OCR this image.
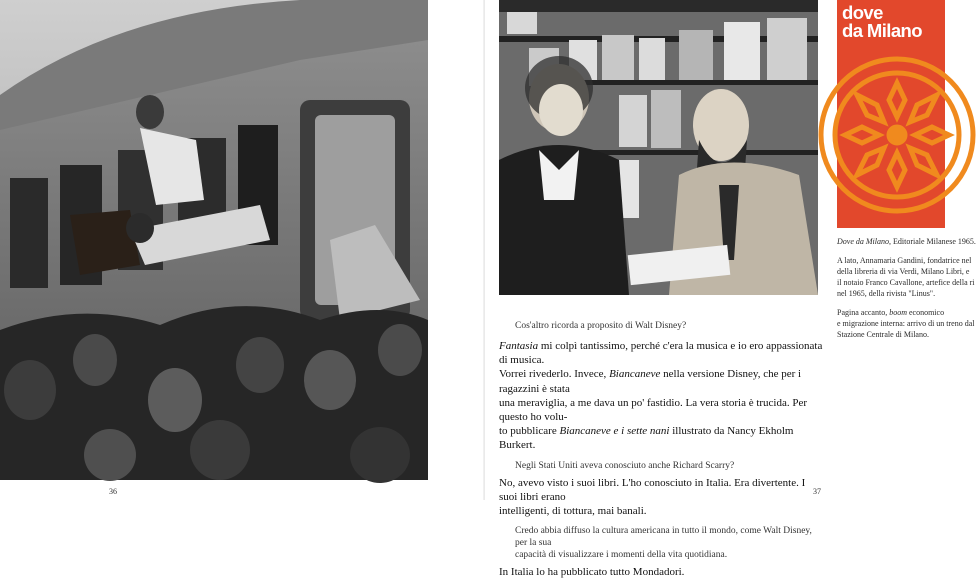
36
dove
da Milano
Dove da Milano, Editoriale Milanese 1965.
A lato, Annamaria Gandini, fondatrice nel
della libreria di via Verdi, Milano Libri, e
il notaio Franco Cavallone, artefice della ri
nel 1965, della rivista "Linus".
Pagina accanto, boom economico
e migrazione interna: arrivo di un treno dal
Stazione Centrale di Milano.
Cos'altro ricorda a proposito di Walt Disney?
Fantasia mi colpì tantissimo, perché c'era la musica e io ero appassionata di musica.
Vorrei rivederlo. Invece, Biancaneve nella versione Disney, che per i ragazzini è stata
una meraviglia, a me dava un po' fastidio. La vera storia è trucida. Per questo ho volu-
to pubblicare Biancaneve e i sette nani illustrato da Nancy Ekholm Burkert.
Negli Stati Uniti aveva conosciuto anche Richard Scarry?
No, avevo visto i suoi libri. L'ho conosciuto in Italia. Era divertente. I suoi libri erano
intelligenti, di tottura, mai banali.
Credo abbia diffuso la cultura americana in tutto il mondo, come Walt Disney, per la sua
capacità di visualizzare i momenti della vita quotidiana.
In Italia lo ha pubblicato tutto Mondadori.
37
